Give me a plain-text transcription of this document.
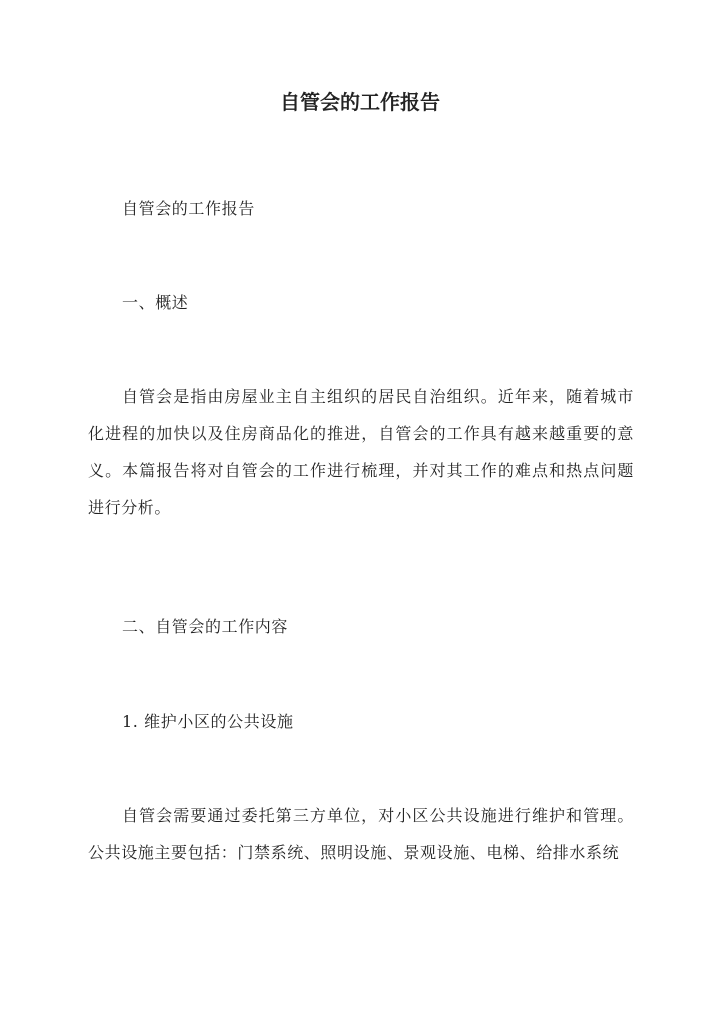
自管会的工作报告

自管会的工作报告

一、概述

自管会是指由房屋业主自主组织的居民自治组织。近年来，随着城市化进程的加快以及住房商品化的推进，自管会的工作具有越来越重要的意义。本篇报告将对自管会的工作进行梳理，并对其工作的难点和热点问题进行分析。

二、自管会的工作内容

1. 维护小区的公共设施

自管会需要通过委托第三方单位，对小区公共设施进行维护和管理。公共设施主要包括：门禁系统、照明设施、景观设施、电梯、给排水系统
